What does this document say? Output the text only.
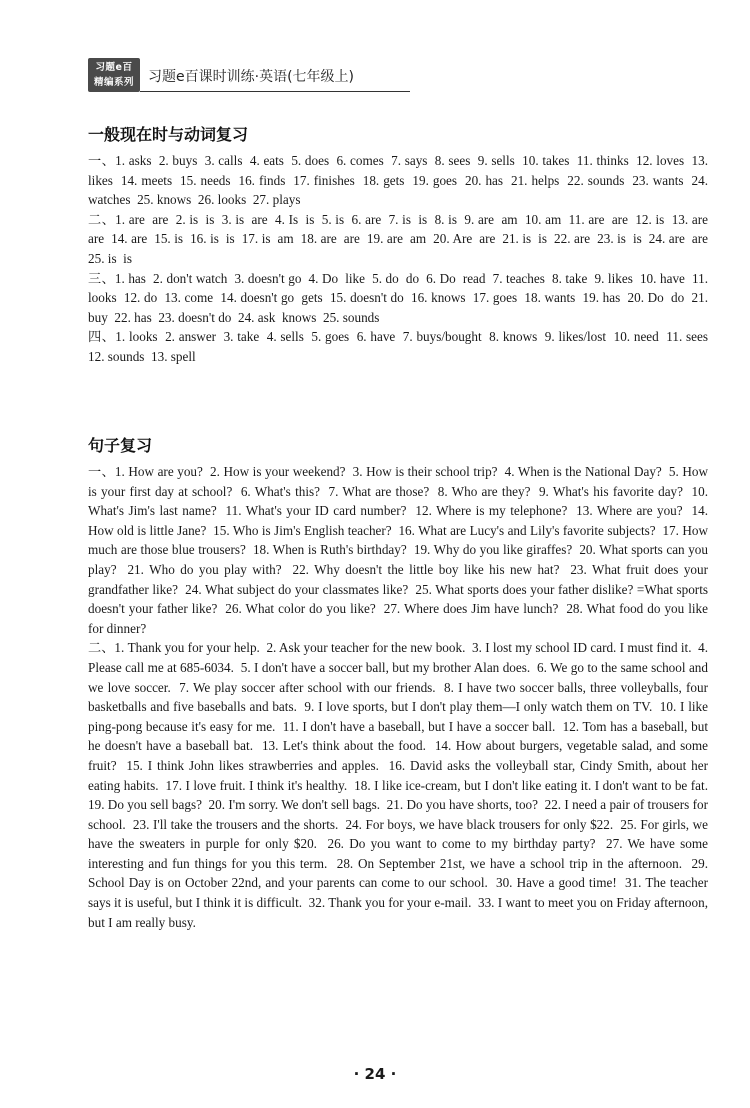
习题e百
精编系列	习题e百课时训练·英语(七年级上)
一般现在时与动词复习

一、1. asks  2. buys  3. calls  4. eats  5. does  6. comes  7. says  8. sees  9. sells  10. takes  11. thinks  12. loves  13. likes  14. meets  15. needs  16. finds  17. finishes  18. gets  19. goes  20. has  21. helps  22. sounds  23. wants  24. watches  25. knows  26. looks  27. plays

二、1. are  are  2. is  is  3. is  are  4. Is  is  5. is  6. are  7. is  is  8. is  9. are  am  10. am  11. are  are  12. is  13. are  are  14. are  15. is  16. is  is  17. is  am  18. are  are  19. are  am  20. Are  are  21. is  is  22. are  23. is  is  24. are  are  25. is  is

三、1. has  2. don't watch  3. doesn't go  4. Do  like  5. do  do  6. Do  read  7. teaches  8. take  9. likes  10. have  11. looks  12. do  13. come  14. doesn't go  gets  15. doesn't do  16. knows  17. goes  18. wants  19. has  20. Do  do  21. buy  22. has  23. doesn't do  24. ask  knows  25. sounds

四、1. looks  2. answer  3. take  4. sells  5. goes  6. have  7. buys/bought  8. knows  9. likes/lost  10. need  11. sees  12. sounds  13. spell

句子复习

一、1. How are you?  2. How is your weekend?  3. How is their school trip?  4. When is the National Day?  5. How is your first day at school?  6. What's this?  7. What are those?  8. Who are they?  9. What's his favorite day?  10. What's Jim's last name?  11. What's your ID card number?  12. Where is my telephone?  13. Where are you?  14. How old is little Jane?  15. Who is Jim's English teacher?  16. What are Lucy's and Lily's favorite subjects?  17. How much are those blue trousers?  18. When is Ruth's birthday?  19. Why do you like giraffes?  20. What sports can you play?  21. Who do you play with?  22. Why doesn't the little boy like his new hat?  23. What fruit does your grandfather like?  24. What subject do your classmates like?  25. What sports does your father dislike? =What sports doesn't your father like?  26. What color do you like?  27. Where does Jim have lunch?  28. What food do you like for dinner?

二、1. Thank you for your help.  2. Ask your teacher for the new book.  3. I lost my school ID card. I must find it.  4. Please call me at 685-6034.  5. I don't have a soccer ball, but my brother Alan does.  6. We go to the same school and we love soccer.  7. We play soccer after school with our friends.  8. I have two soccer balls, three volleyballs, four basketballs and five baseballs and bats.  9. I love sports, but I don't play them—I only watch them on TV.  10. I like ping-pong because it's easy for me.  11. I don't have a baseball, but I have a soccer ball.  12. Tom has a baseball, but he doesn't have a baseball bat.  13. Let's think about the food.  14. How about burgers, vegetable salad, and some fruit?  15. I think John likes strawberries and apples.  16. David asks the volleyball star, Cindy Smith, about her eating habits.  17. I love fruit. I think it's healthy.  18. I like ice-cream, but I don't like eating it. I don't want to be fat.  19. Do you sell bags?  20. I'm sorry. We don't sell bags.  21. Do you have shorts, too?  22. I need a pair of trousers for school.  23. I'll take the trousers and the shorts.  24. For boys, we have black trousers for only $22.  25. For girls, we have the sweaters in purple for only $20.  26. Do you want to come to my birthday party?  27. We have some interesting and fun things for you this term.  28. On September 21st, we have a school trip in the afternoon.  29. School Day is on October 22nd, and your parents can come to our school.  30. Have a good time!  31. The teacher says it is useful, but I think it is difficult.  32. Thank you for your e-mail.  33. I want to meet you on Friday afternoon, but I am really busy.

· 24 ·
